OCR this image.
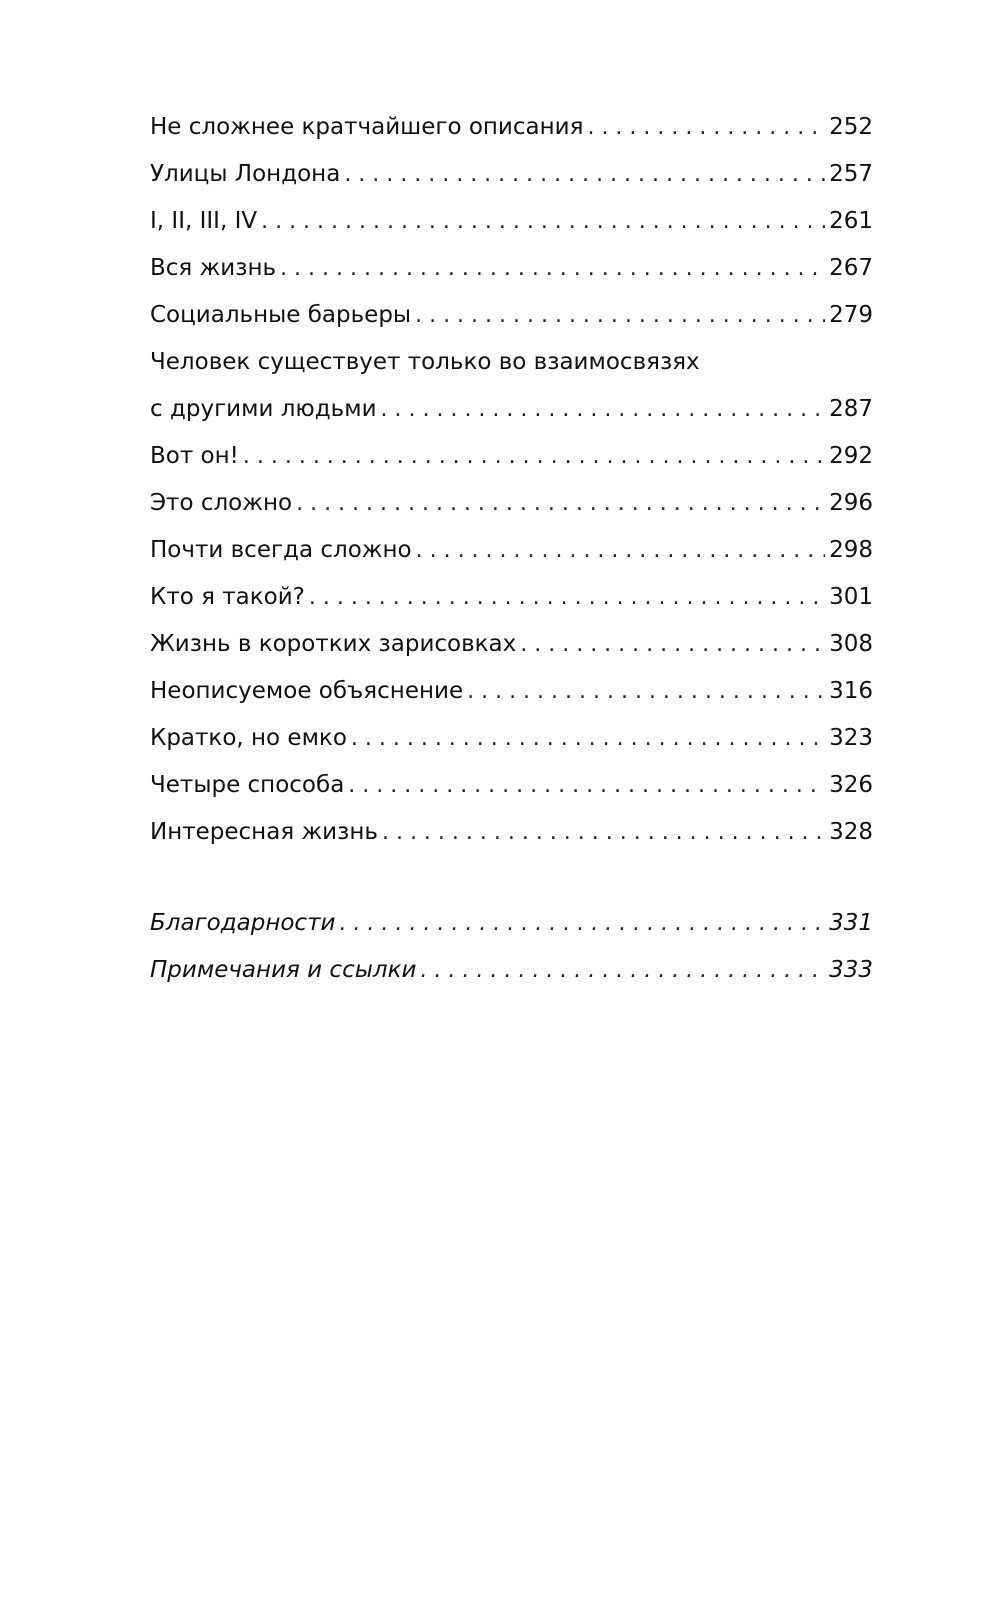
Не сложнее кратчайшего описания . . .	252
Улицы Лондона . . .	257
I, II, III, IV . . .	261
Вся жизнь . . .	267
Социальные барьеры . . .	279
Человек существует только во взаимосвязях
с другими людьми . . .	287
Вот он! . . .	292
Это сложно . . .	296
Почти всегда сложно . . .	298
Кто я такой? . . .	301
Жизнь в коротких зарисовках . . .	308
Неописуемое объяснение . . .	316
Кратко, но емко . . .	323
Четыре способа . . .	326
Интересная жизнь . . .	328
Благодарности . . .	331
Примечания и ссылки . . .	333
